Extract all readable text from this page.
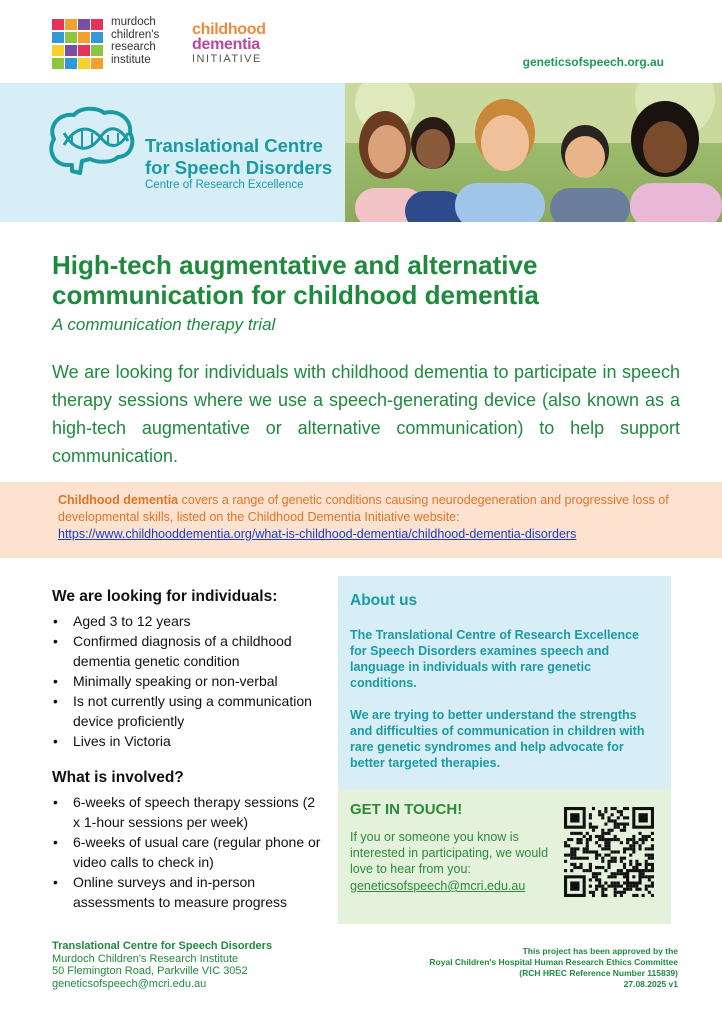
murdoch
children's
research
institute
childhood
dementia
INITIATIVE	geneticsofspeech.org.au
Translational Centre
for Speech Disorders
Centre of Research Excellence
High-tech augmentative and alternative
communication for childhood dementia
A communication therapy trial
We are looking for individuals with childhood dementia to participate in speech therapy sessions where we use a speech-generating device (also known as a high-tech augmentative or alternative communication) to help support communication.

Childhood dementia covers a range of genetic conditions causing neurodegeneration and progressive loss of developmental skills, listed on the Childhood Dementia Initiative website:

https://www.childhooddementia.org/what-is-childhood-dementia/childhood-dementia-disorders
We are looking for individuals:
• Aged 3 to 12 years
• Confirmed diagnosis of a childhood dementia genetic condition
• Minimally speaking or non-verbal
• Is not currently using a communication device proficiently
• Lives in Victoria
What is involved?
• 6-weeks of speech therapy sessions (2 x 1-hour sessions per week)
• 6-weeks of usual care (regular phone or video calls to check in)
• Online surveys and in-person assessments to measure progress
About us

The Translational Centre of Research Excellence for Speech Disorders examines speech and language in individuals with rare genetic conditions.

We are trying to better understand the strengths and difficulties of communication in children with rare genetic syndromes and help advocate for better targeted therapies.

GET IN TOUCH!

If you or someone you know is interested in participating, we would love to hear from you:

geneticsofspeech@mcri.edu.au
Translational Centre for Speech Disorders
Murdoch Children's Research Institute
50 Flemington Road, Parkville VIC 3052
geneticsofspeech@mcri.edu.au
This project has been approved by the
Royal Children's Hospital Human Research Ethics Committee
(RCH HREC Reference Number 115839)
27.08.2025 v1
